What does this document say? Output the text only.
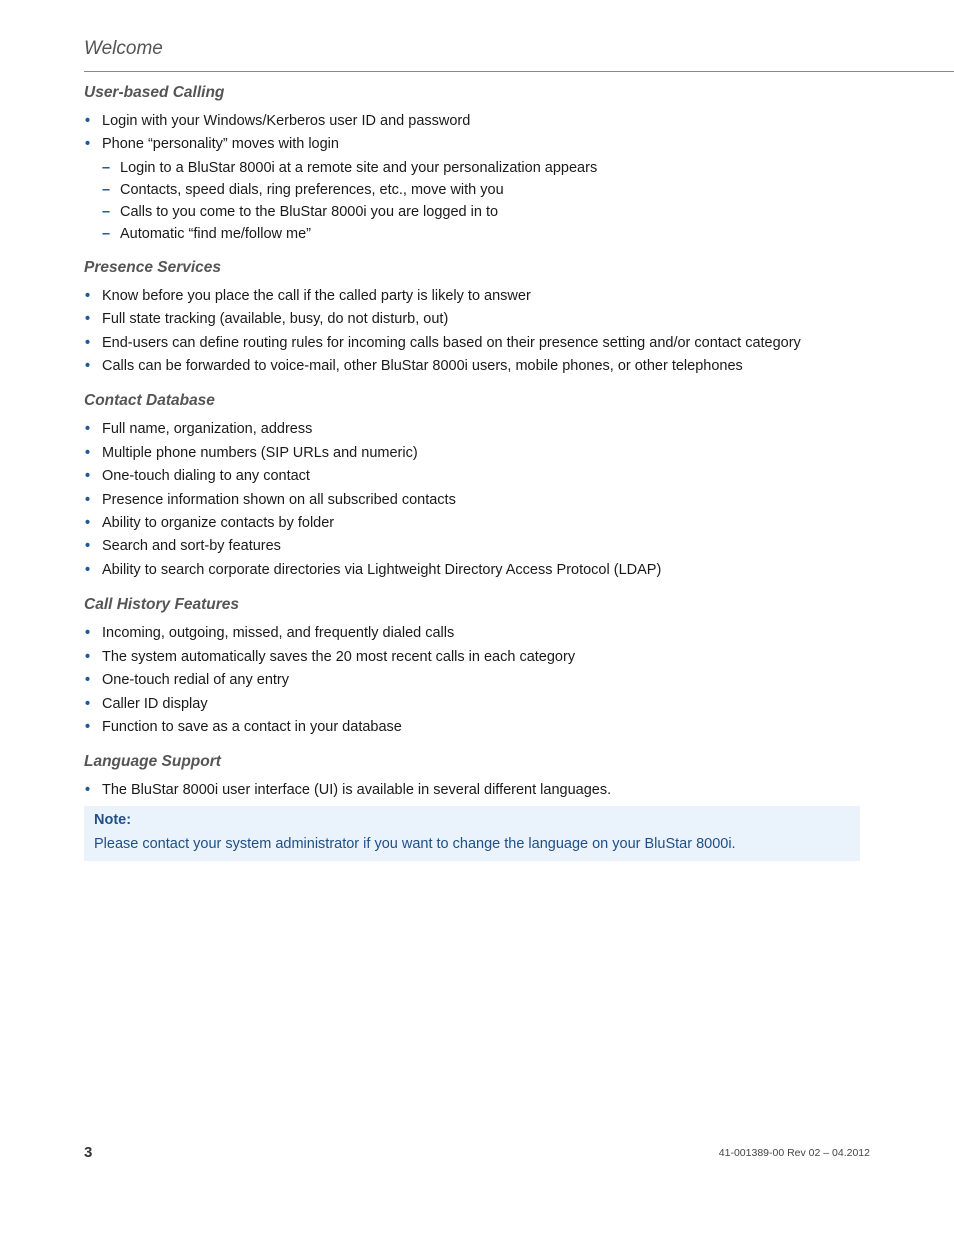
Welcome
User-based Calling
• Login with your Windows/Kerberos user ID and password
• Phone “personality” moves with login
– Login to a BluStar 8000i at a remote site and your personalization appears
– Contacts, speed dials, ring preferences, etc., move with you
– Calls to you come to the BluStar 8000i you are logged in to
– Automatic “find me/follow me”
Presence Services
• Know before you place the call if the called party is likely to answer
• Full state tracking (available, busy, do not disturb, out)
• End-users can define routing rules for incoming calls based on their presence setting and/or contact category
• Calls can be forwarded to voice-mail, other BluStar 8000i users, mobile phones, or other telephones
Contact Database
• Full name, organization, address
• Multiple phone numbers (SIP URLs and numeric)
• One-touch dialing to any contact
• Presence information shown on all subscribed contacts
• Ability to organize contacts by folder
• Search and sort-by features
• Ability to search corporate directories via Lightweight Directory Access Protocol (LDAP)
Call History Features
• Incoming, outgoing, missed, and frequently dialed calls
• The system automatically saves the 20 most recent calls in each category
• One-touch redial of any entry
• Caller ID display
• Function to save as a contact in your database
Language Support
• The BluStar 8000i user interface (UI) is available in several different languages.
Note:
Please contact your system administrator if you want to change the language on your BluStar 8000i.
3	41-001389-00 Rev 02 – 04.2012
